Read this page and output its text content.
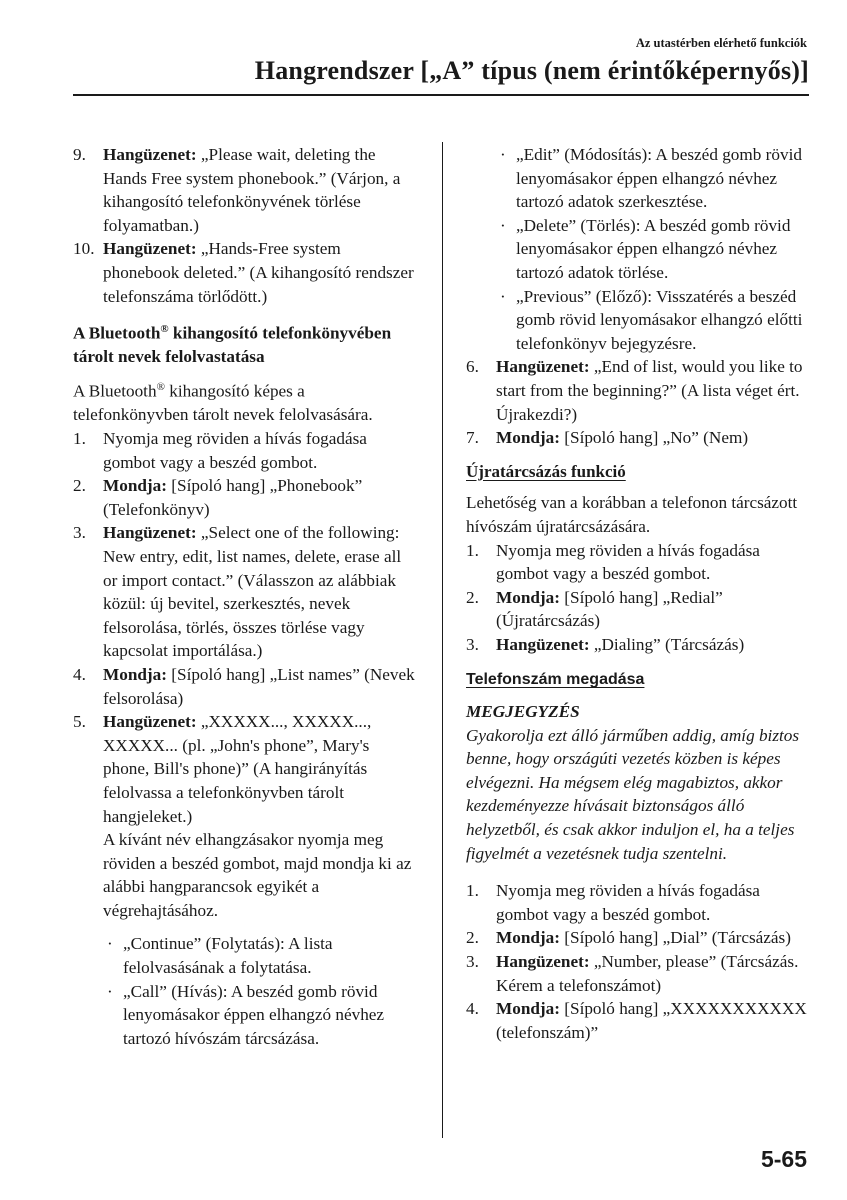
Az utastérben elérhető funkciók
Hangrendszer [„A” típus (nem érintőképernyős)]
9. Hangüzenet: „Please wait, deleting the Hands Free system phonebook.” (Várjon, a kihangosító telefonkönyvének törlése folyamatban.)
10. Hangüzenet: „Hands-Free system phonebook deleted.” (A kihangosító rendszer telefonszáma törlődött.)
A Bluetooth® kihangosító telefonkönyvében tárolt nevek felolvastatása

A Bluetooth® kihangosító képes a telefonkönyvben tárolt nevek felolvasására.

1. Nyomja meg röviden a hívás fogadása gombot vagy a beszéd gombot.
2. Mondja: [Sípoló hang] „Phonebook” (Telefonkönyv)
3. Hangüzenet: „Select one of the following: New entry, edit, list names, delete, erase all or import contact.” (Válasszon az alábbiak közül: új bevitel, szerkesztés, nevek felsorolása, törlés, összes törlése vagy kapcsolat importálása.)
4. Mondja: [Sípoló hang] „List names” (Nevek felsorolása)
5. Hangüzenet: „XXXXX..., XXXXX..., XXXXX... (pl. „John's phone”, Mary's phone, Bill's phone)” (A hangirányítás felolvassa a telefonkönyvben tárolt hangjeleket.)
A kívánt név elhangzásakor nyomja meg röviden a beszéd gombot, majd mondja ki az alábbi hangparancsok egyikét a végrehajtásához.
· „Continue” (Folytatás): A lista felolvasásának a folytatása.
· „Call” (Hívás): A beszéd gomb rövid lenyomásakor éppen elhangzó névhez tartozó hívószám tárcsázása.
· „Edit” (Módosítás): A beszéd gomb rövid lenyomásakor éppen elhangzó névhez tartozó adatok szerkesztése.
· „Delete” (Törlés): A beszéd gomb rövid lenyomásakor éppen elhangzó névhez tartozó adatok törlése.
· „Previous” (Előző): Visszatérés a beszéd gomb rövid lenyomásakor elhangzó előtti telefonkönyv bejegyzésre.
6. Hangüzenet: „End of list, would you like to start from the beginning?” (A lista véget ért. Újrakezdi?)
7. Mondja: [Sípoló hang] „No” (Nem)
Újratárcsázás funkció

Lehetőség van a korábban a telefonon tárcsázott hívószám újratárcsázására.

1. Nyomja meg röviden a hívás fogadása gombot vagy a beszéd gombot.
2. Mondja: [Sípoló hang] „Redial” (Újratárcsázás)
3. Hangüzenet: „Dialing” (Tárcsázás)
Telefonszám megadása
MEGJEGYZÉS

Gyakorolja ezt álló járműben addig, amíg biztos benne, hogy országúti vezetés közben is képes elvégezni. Ha mégsem elég magabiztos, akkor kezdeményezze hívásait biztonságos álló helyzetből, és csak akkor induljon el, ha a teljes figyelmét a vezetésnek tudja szentelni.

1. Nyomja meg röviden a hívás fogadása gombot vagy a beszéd gombot.
2. Mondja: [Sípoló hang] „Dial” (Tárcsázás)
3. Hangüzenet: „Number, please” (Tárcsázás. Kérem a telefonszámot)
4. Mondja: [Sípoló hang] „XXXXXXXXXXX (telefonszám)”
5-65
